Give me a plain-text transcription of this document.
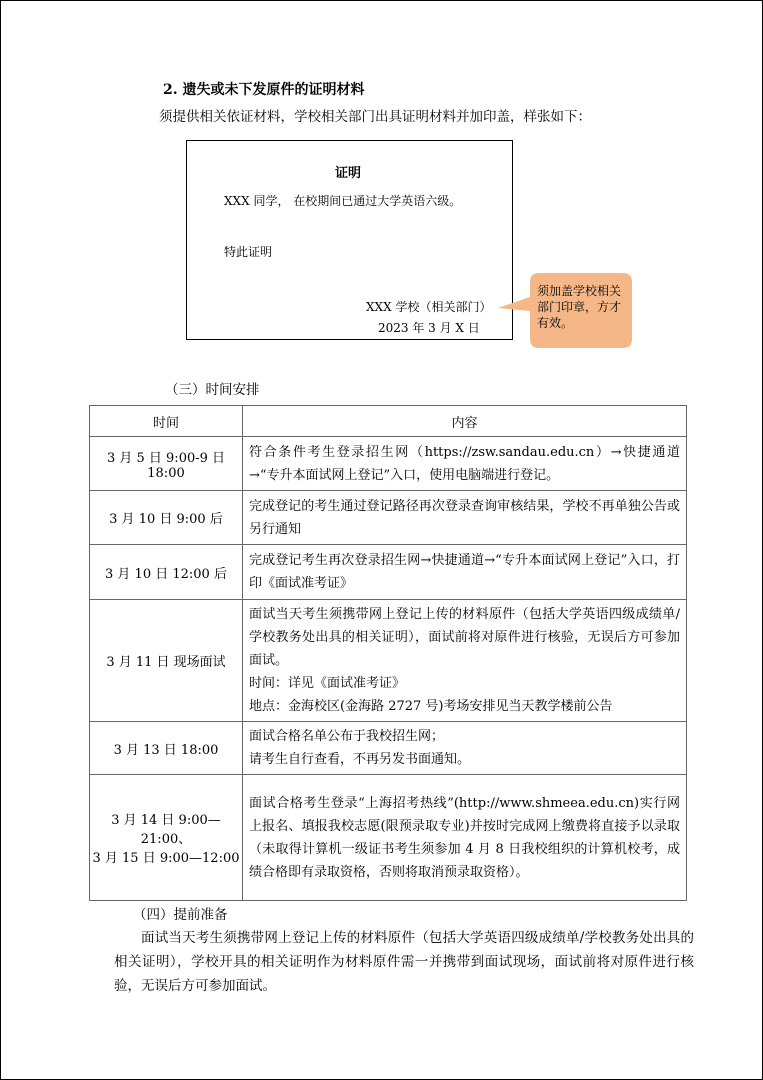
2. 遗失或未下发原件的证明材料
须提供相关依证材料，学校相关部门出具证明材料并加印盖，样张如下：
证明
XXX 同学， 在校期间已通过大学英语六级。
特此证明
XXX 学校（相关部门）
2023 年 3 月 X 日
须加盖学校相关部门印章，方才有效。
（三）时间安排
时间	内容

3 月 5 日 9:00-9 日 18:00	符合条件考生登录招生网（https://zsw.sandau.edu.cn）→快捷通道→“专升本面试网上登记”入口，使用电脑端进行登记。

3 月 10 日 9:00 后	完成登记的考生通过登记路径再次登录查询审核结果，学校不再单独公告或另行通知

3 月 10 日 12:00 后	完成登记考生再次登录招生网→快捷通道→“专升本面试网上登记”入口，打印《面试准考证》

3 月 11 日 现场面试	面试当天考生须携带网上登记上传的材料原件（包括大学英语四级成绩单/学校教务处出具的相关证明），面试前将对原件进行核验，无误后方可参加面试。
时间：详见《面试准考证》
地点：金海校区(金海路 2727 号)考场安排见当天教学楼前公告

3 月 13 日 18:00	面试合格名单公布于我校招生网；
请考生自行查看，不再另发书面通知。

3 月 14 日 9:00—21:00、
3 月 15 日 9:00—12:00	面试合格考生登录“上海招考热线”(http://www.shmeea.edu.cn)实行网上报名、填报我校志愿(限预录取专业)并按时完成网上缴费将直接予以录取（未取得计算机一级证书考生须参加 4 月 8 日我校组织的计算机校考，成绩合格即有录取资格，否则将取消预录取资格）。
（四）提前准备
面试当天考生须携带网上登记上传的材料原件（包括大学英语四级成绩单/学校教务处出具的相关证明），学校开具的相关证明作为材料原件需一并携带到面试现场，面试前将对原件进行核验，无误后方可参加面试。
